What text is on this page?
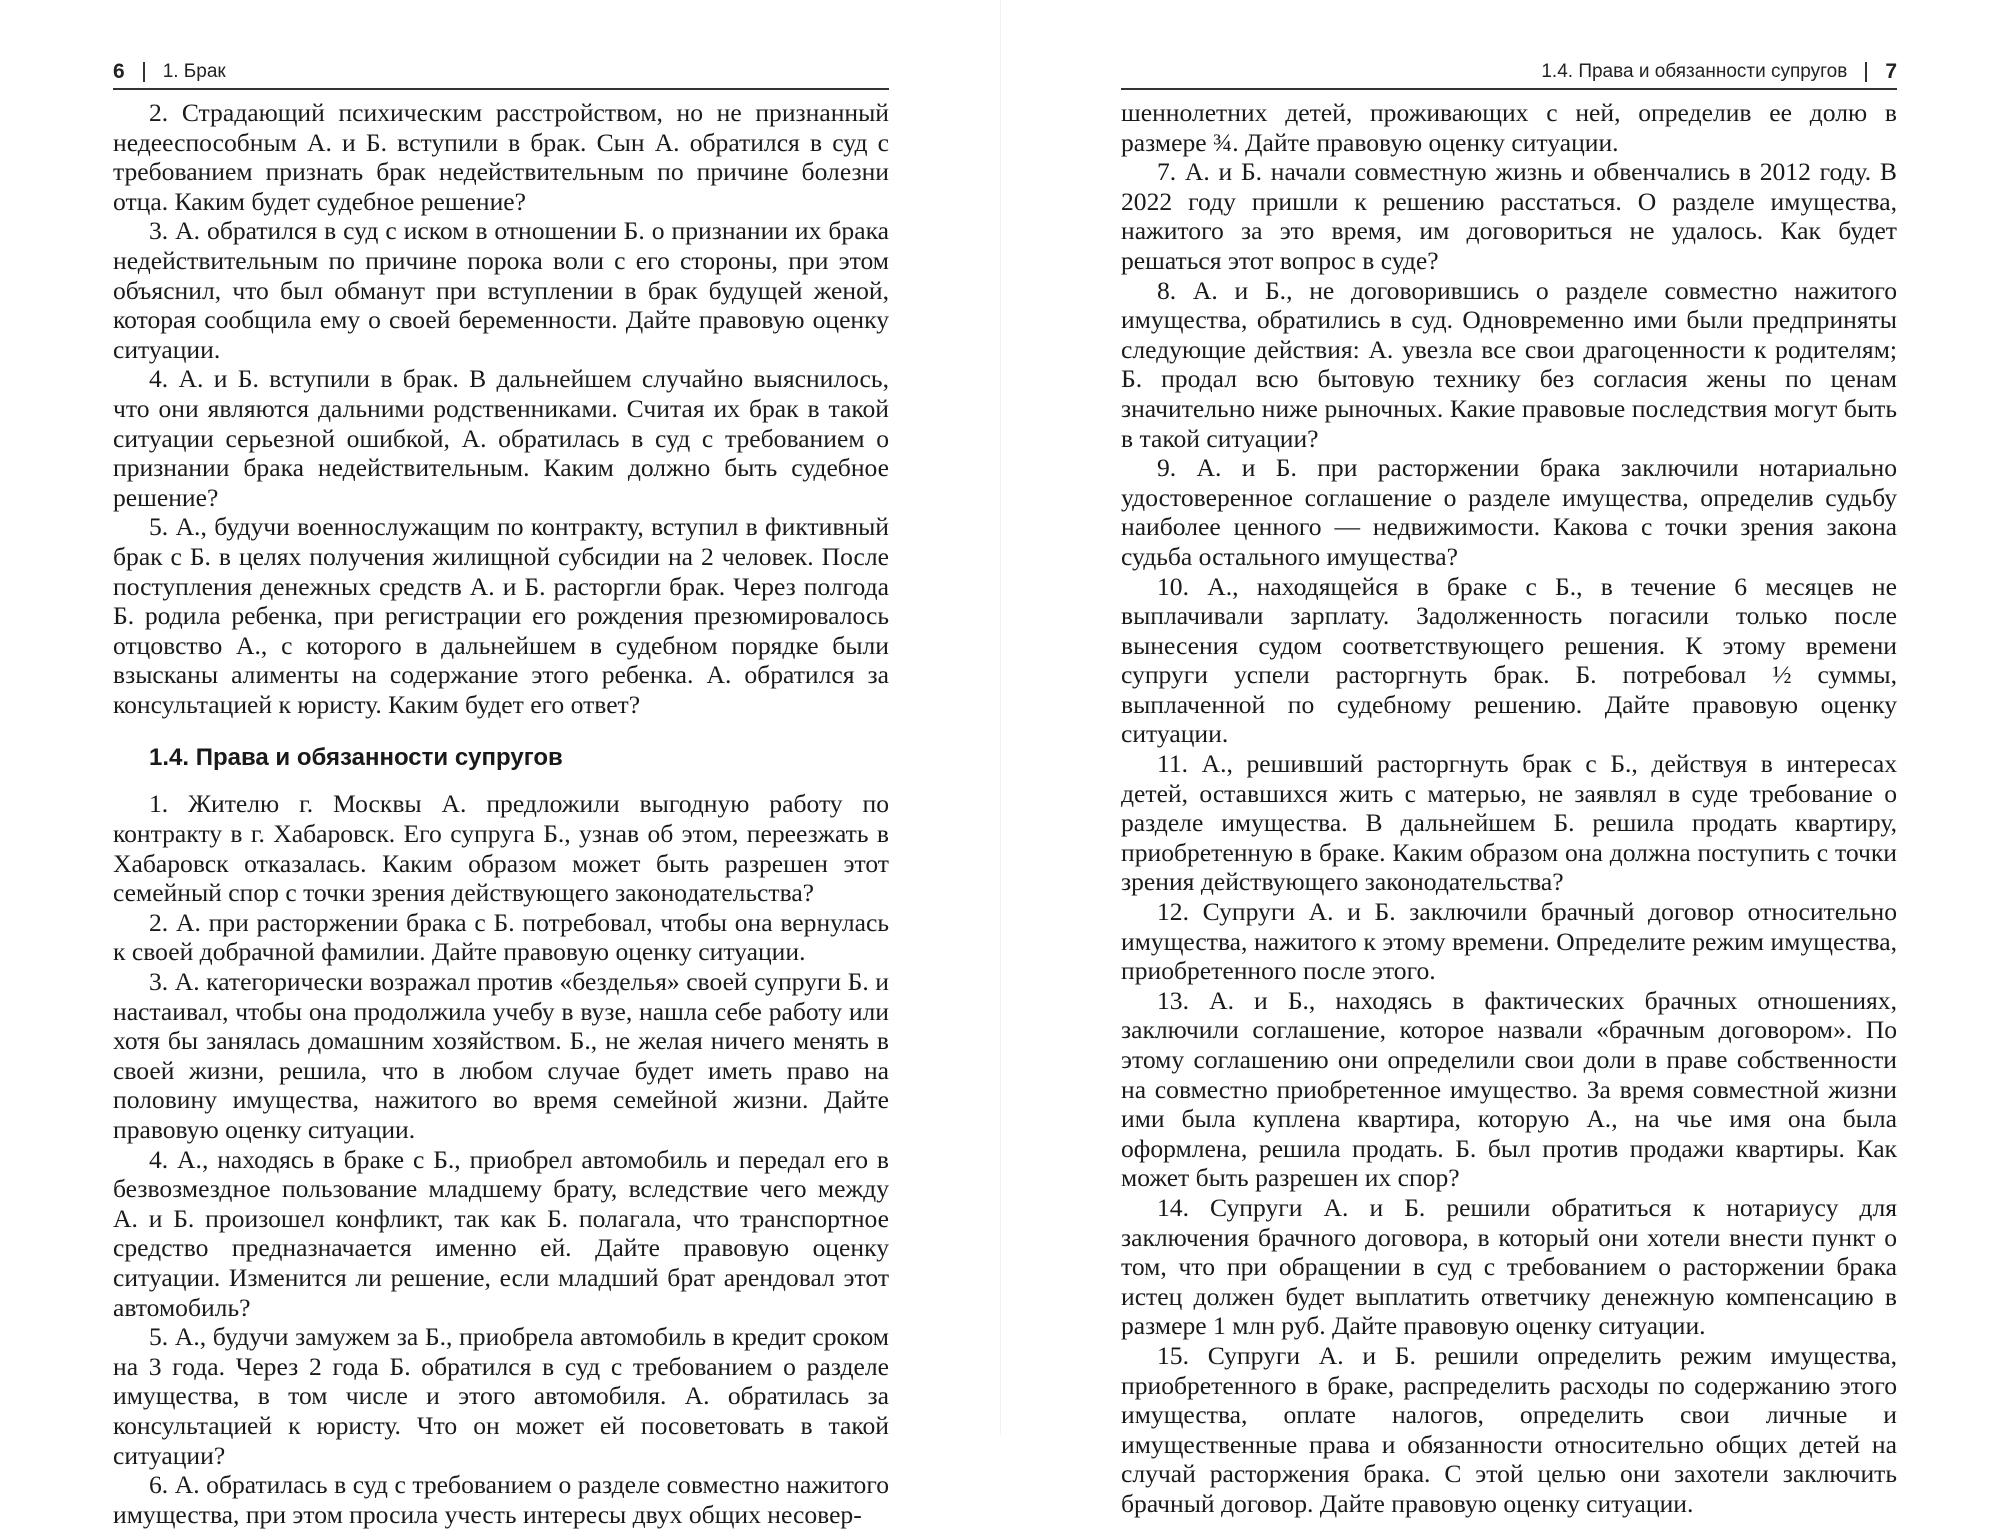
6 1. Брак

2. Страдающий психическим расстройством, но не признанный недееспособным А. и Б. вступили в брак. Сын А. обратился в суд с требованием признать брак недействительным по причине болезни отца. Каким будет судебное решение?

3. А. обратился в суд с иском в отношении Б. о признании их брака недействительным по причине порока воли с его стороны, при этом объяснил, что был обманут при вступлении в брак будущей женой, которая сообщила ему о своей беременности. Дайте правовую оценку ситуации.

4. А. и Б. вступили в брак. В дальнейшем случайно выяснилось, что они являются дальними родственниками. Считая их брак в такой ситуации серьезной ошибкой, А. обратилась в суд с требованием о признании брака недействительным. Каким должно быть судебное решение?

5. А., будучи военнослужащим по контракту, вступил в фиктивный брак с Б. в целях получения жилищной субсидии на 2 человек. После поступления денежных средств А. и Б. расторгли брак. Через полгода Б. родила ребенка, при регистрации его рождения презюмировалось отцовство А., с которого в дальнейшем в судебном порядке были взысканы алименты на содержание этого ребенка. А. обратился за консультацией к юристу. Каким будет его ответ?

1.4. Права и обязанности супругов

1. Жителю г. Москвы А. предложили выгодную работу по контракту в г. Хабаровск. Его супруга Б., узнав об этом, переезжать в Хабаровск отказалась. Каким образом может быть разрешен этот семейный спор с точки зрения действующего законодательства?

2. А. при расторжении брака с Б. потребовал, чтобы она вернулась к своей добрачной фамилии. Дайте правовую оценку ситуации.

3. А. категорически возражал против «безделья» своей супруги Б. и настаивал, чтобы она продолжила учебу в вузе, нашла себе работу или хотя бы занялась домашним хозяйством. Б., не желая ничего менять в своей жизни, решила, что в любом случае будет иметь право на половину имущества, нажитого во время семейной жизни. Дайте правовую оценку ситуации.

4. А., находясь в браке с Б., приобрел автомобиль и передал его в безвозмездное пользование младшему брату, вследствие чего между А. и Б. произошел конфликт, так как Б. полагала, что транспортное средство предназначается именно ей. Дайте правовую оценку ситуации. Изменится ли решение, если младший брат арендовал этот автомобиль?

5. А., будучи замужем за Б., приобрела автомобиль в кредит сроком на 3 года. Через 2 года Б. обратился в суд с требованием о разделе имущества, в том числе и этого автомобиля. А. обратилась за консультацией к юристу. Что он может ей посоветовать в такой ситуации?

6. А. обратилась в суд с требованием о разделе совместно нажитого имущества, при этом просила учесть интересы двух общих несовер-

1.4. Права и обязанности супругов 7

шеннолетних детей, проживающих с ней, определив ее долю в размере ¾. Дайте правовую оценку ситуации.

7. А. и Б. начали совместную жизнь и обвенчались в 2012 году. В 2022 году пришли к решению расстаться. О разделе имущества, нажитого за это время, им договориться не удалось. Как будет решаться этот вопрос в суде?

8. А. и Б., не договорившись о разделе совместно нажитого имущества, обратились в суд. Одновременно ими были предприняты следующие действия: А. увезла все свои драгоценности к родителям; Б. продал всю бытовую технику без согласия жены по ценам значительно ниже рыночных. Какие правовые последствия могут быть в такой ситуации?

9. А. и Б. при расторжении брака заключили нотариально удостоверенное соглашение о разделе имущества, определив судьбу наиболее ценного — недвижимости. Какова с точки зрения закона судьба остального имущества?

10. А., находящейся в браке с Б., в течение 6 месяцев не выплачивали зарплату. Задолженность погасили только после вынесения судом соответствующего решения. К этому времени супруги успели расторгнуть брак. Б. потребовал ½ суммы, выплаченной по судебному решению. Дайте правовую оценку ситуации.

11. А., решивший расторгнуть брак с Б., действуя в интересах детей, оставшихся жить с матерью, не заявлял в суде требование о разделе имущества. В дальнейшем Б. решила продать квартиру, приобретенную в браке. Каким образом она должна поступить с точки зрения действующего законодательства?

12. Супруги А. и Б. заключили брачный договор относительно имущества, нажитого к этому времени. Определите режим имущества, приобретенного после этого.

13. А. и Б., находясь в фактических брачных отношениях, заключили соглашение, которое назвали «брачным договором». По этому соглашению они определили свои доли в праве собственности на совместно приобретенное имущество. За время совместной жизни ими была куплена квартира, которую А., на чье имя она была оформлена, решила продать. Б. был против продажи квартиры. Как может быть разрешен их спор?

14. Супруги А. и Б. решили обратиться к нотариусу для заключения брачного договора, в который они хотели внести пункт о том, что при обращении в суд с требованием о расторжении брака истец должен будет выплатить ответчику денежную компенсацию в размере 1 млн руб. Дайте правовую оценку ситуации.

15. Супруги А. и Б. решили определить режим имущества, приобретенного в браке, распределить расходы по содержанию этого имущества, оплате налогов, определить свои личные и имущественные права и обязанности относительно общих детей на случай расторжения брака. С этой целью они захотели заключить брачный договор. Дайте правовую оценку ситуации.
